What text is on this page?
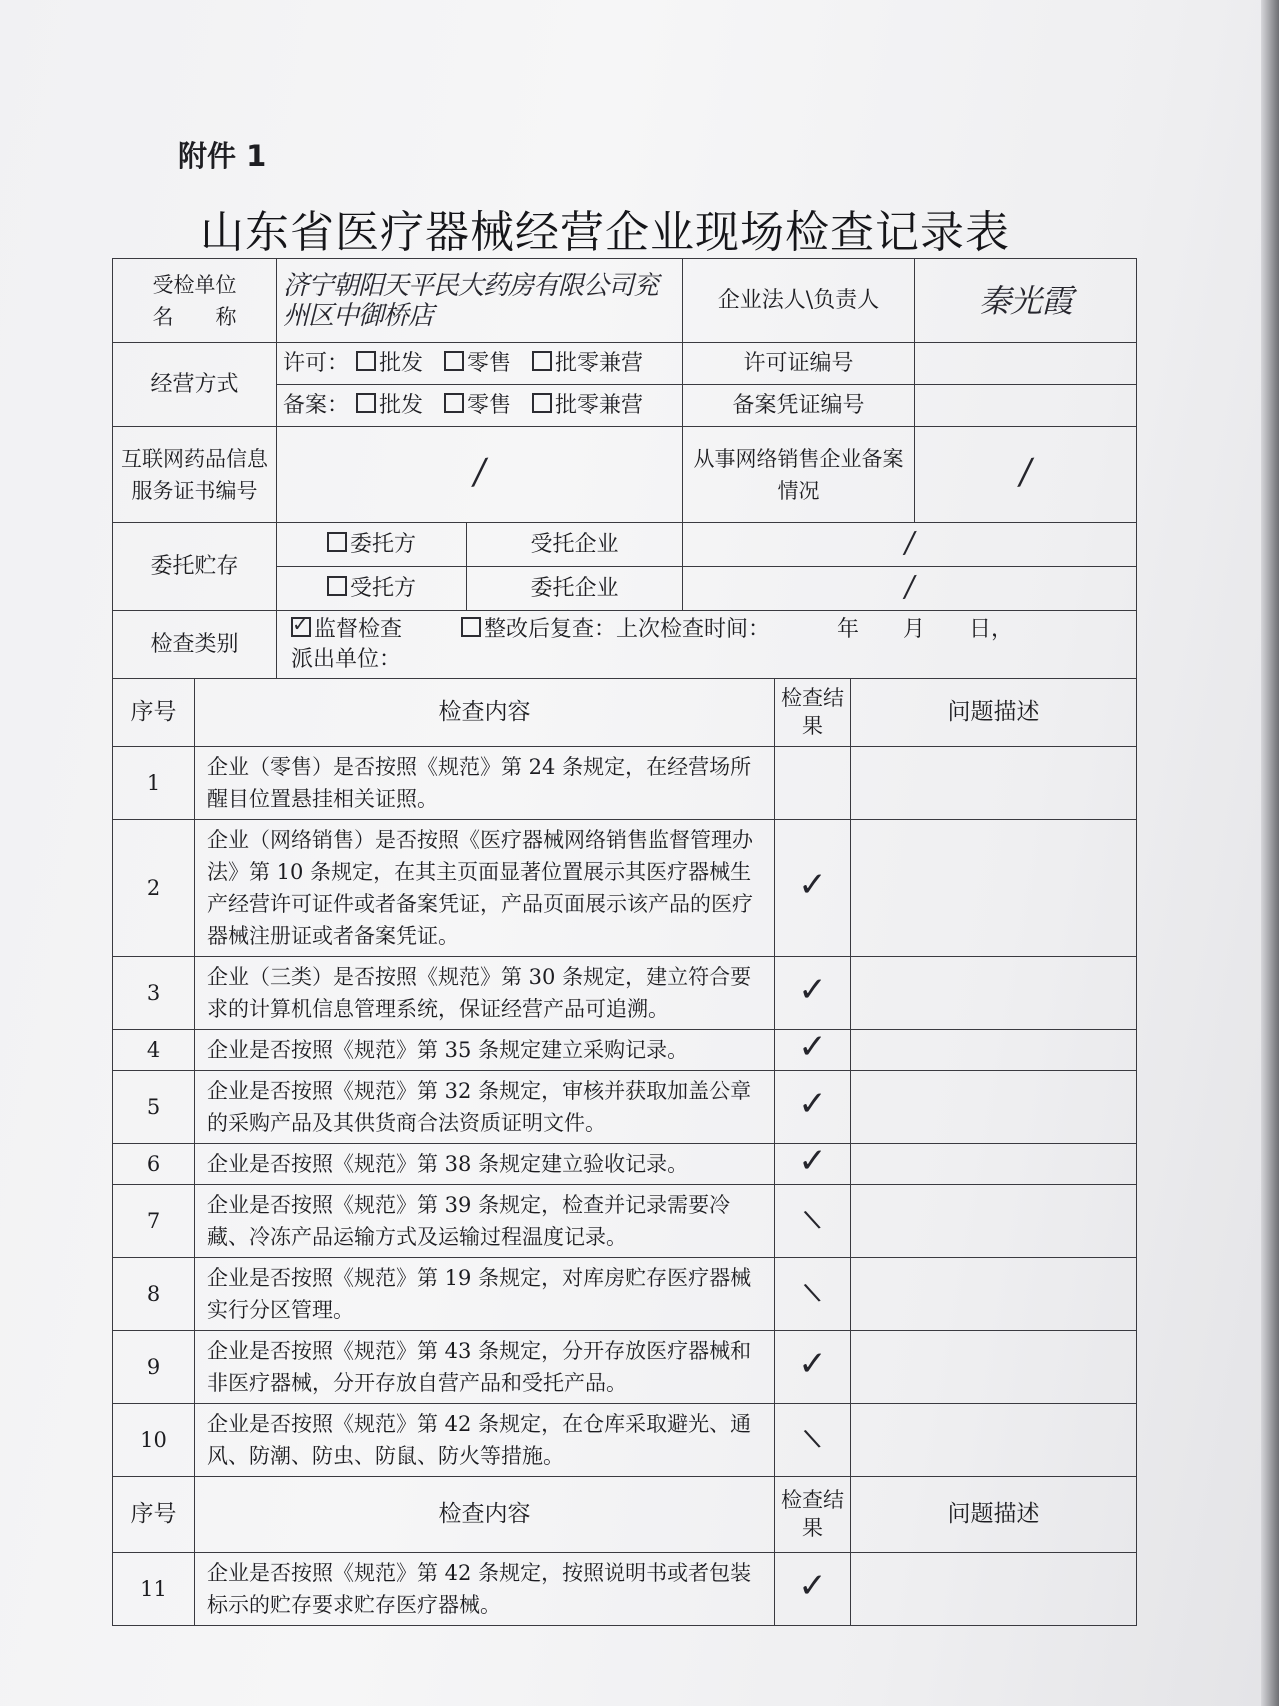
附件 1
山东省医疗器械经营企业现场检查记录表
受检单位
名　　称	济宁朝阳天平民大药房有限公司兖州区中御桥店		企业法人\负责人	秦光霞
经营方式	许可： 批发 零售 批零兼营		许可证编号	
	备案： 批发 零售 批零兼营		备案凭证编号	
互联网药品信息服务证书编号	/		从事网络销售企业备案情况	/
委托贮存	委托方	受托企业	/	
	受托方	委托企业	/	
检查类别	
✓监督检查 整改后复查：上次检查时间： 年　　月　　日，
派出单位：
序号	检查内容	检查结果	问题描述
1	企业（零售）是否按照《规范》第 24 条规定，在经营场所醒目位置悬挂相关证照。		
2	企业（网络销售）是否按照《医疗器械网络销售监督管理办法》第 10 条规定，在其主页面显著位置展示其医疗器械生产经营许可证件或者备案凭证，产品页面展示该产品的医疗器械注册证或者备案凭证。	✓	
3	企业（三类）是否按照《规范》第 30 条规定，建立符合要求的计算机信息管理系统，保证经营产品可追溯。	✓	
4	企业是否按照《规范》第 35 条规定建立采购记录。	✓	
5	企业是否按照《规范》第 32 条规定，审核并获取加盖公章的采购产品及其供货商合法资质证明文件。	✓	
6	企业是否按照《规范》第 38 条规定建立验收记录。	✓	
7	企业是否按照《规范》第 39 条规定，检查并记录需要冷藏、冷冻产品运输方式及运输过程温度记录。	\	
8	企业是否按照《规范》第 19 条规定，对库房贮存医疗器械实行分区管理。	\	
9	企业是否按照《规范》第 43 条规定，分开存放医疗器械和非医疗器械，分开存放自营产品和受托产品。	✓	
10	企业是否按照《规范》第 42 条规定，在仓库采取避光、通风、防潮、防虫、防鼠、防火等措施。	\	
序号	检查内容	检查结果	问题描述
11	企业是否按照《规范》第 42 条规定，按照说明书或者包装标示的贮存要求贮存医疗器械。	✓	
